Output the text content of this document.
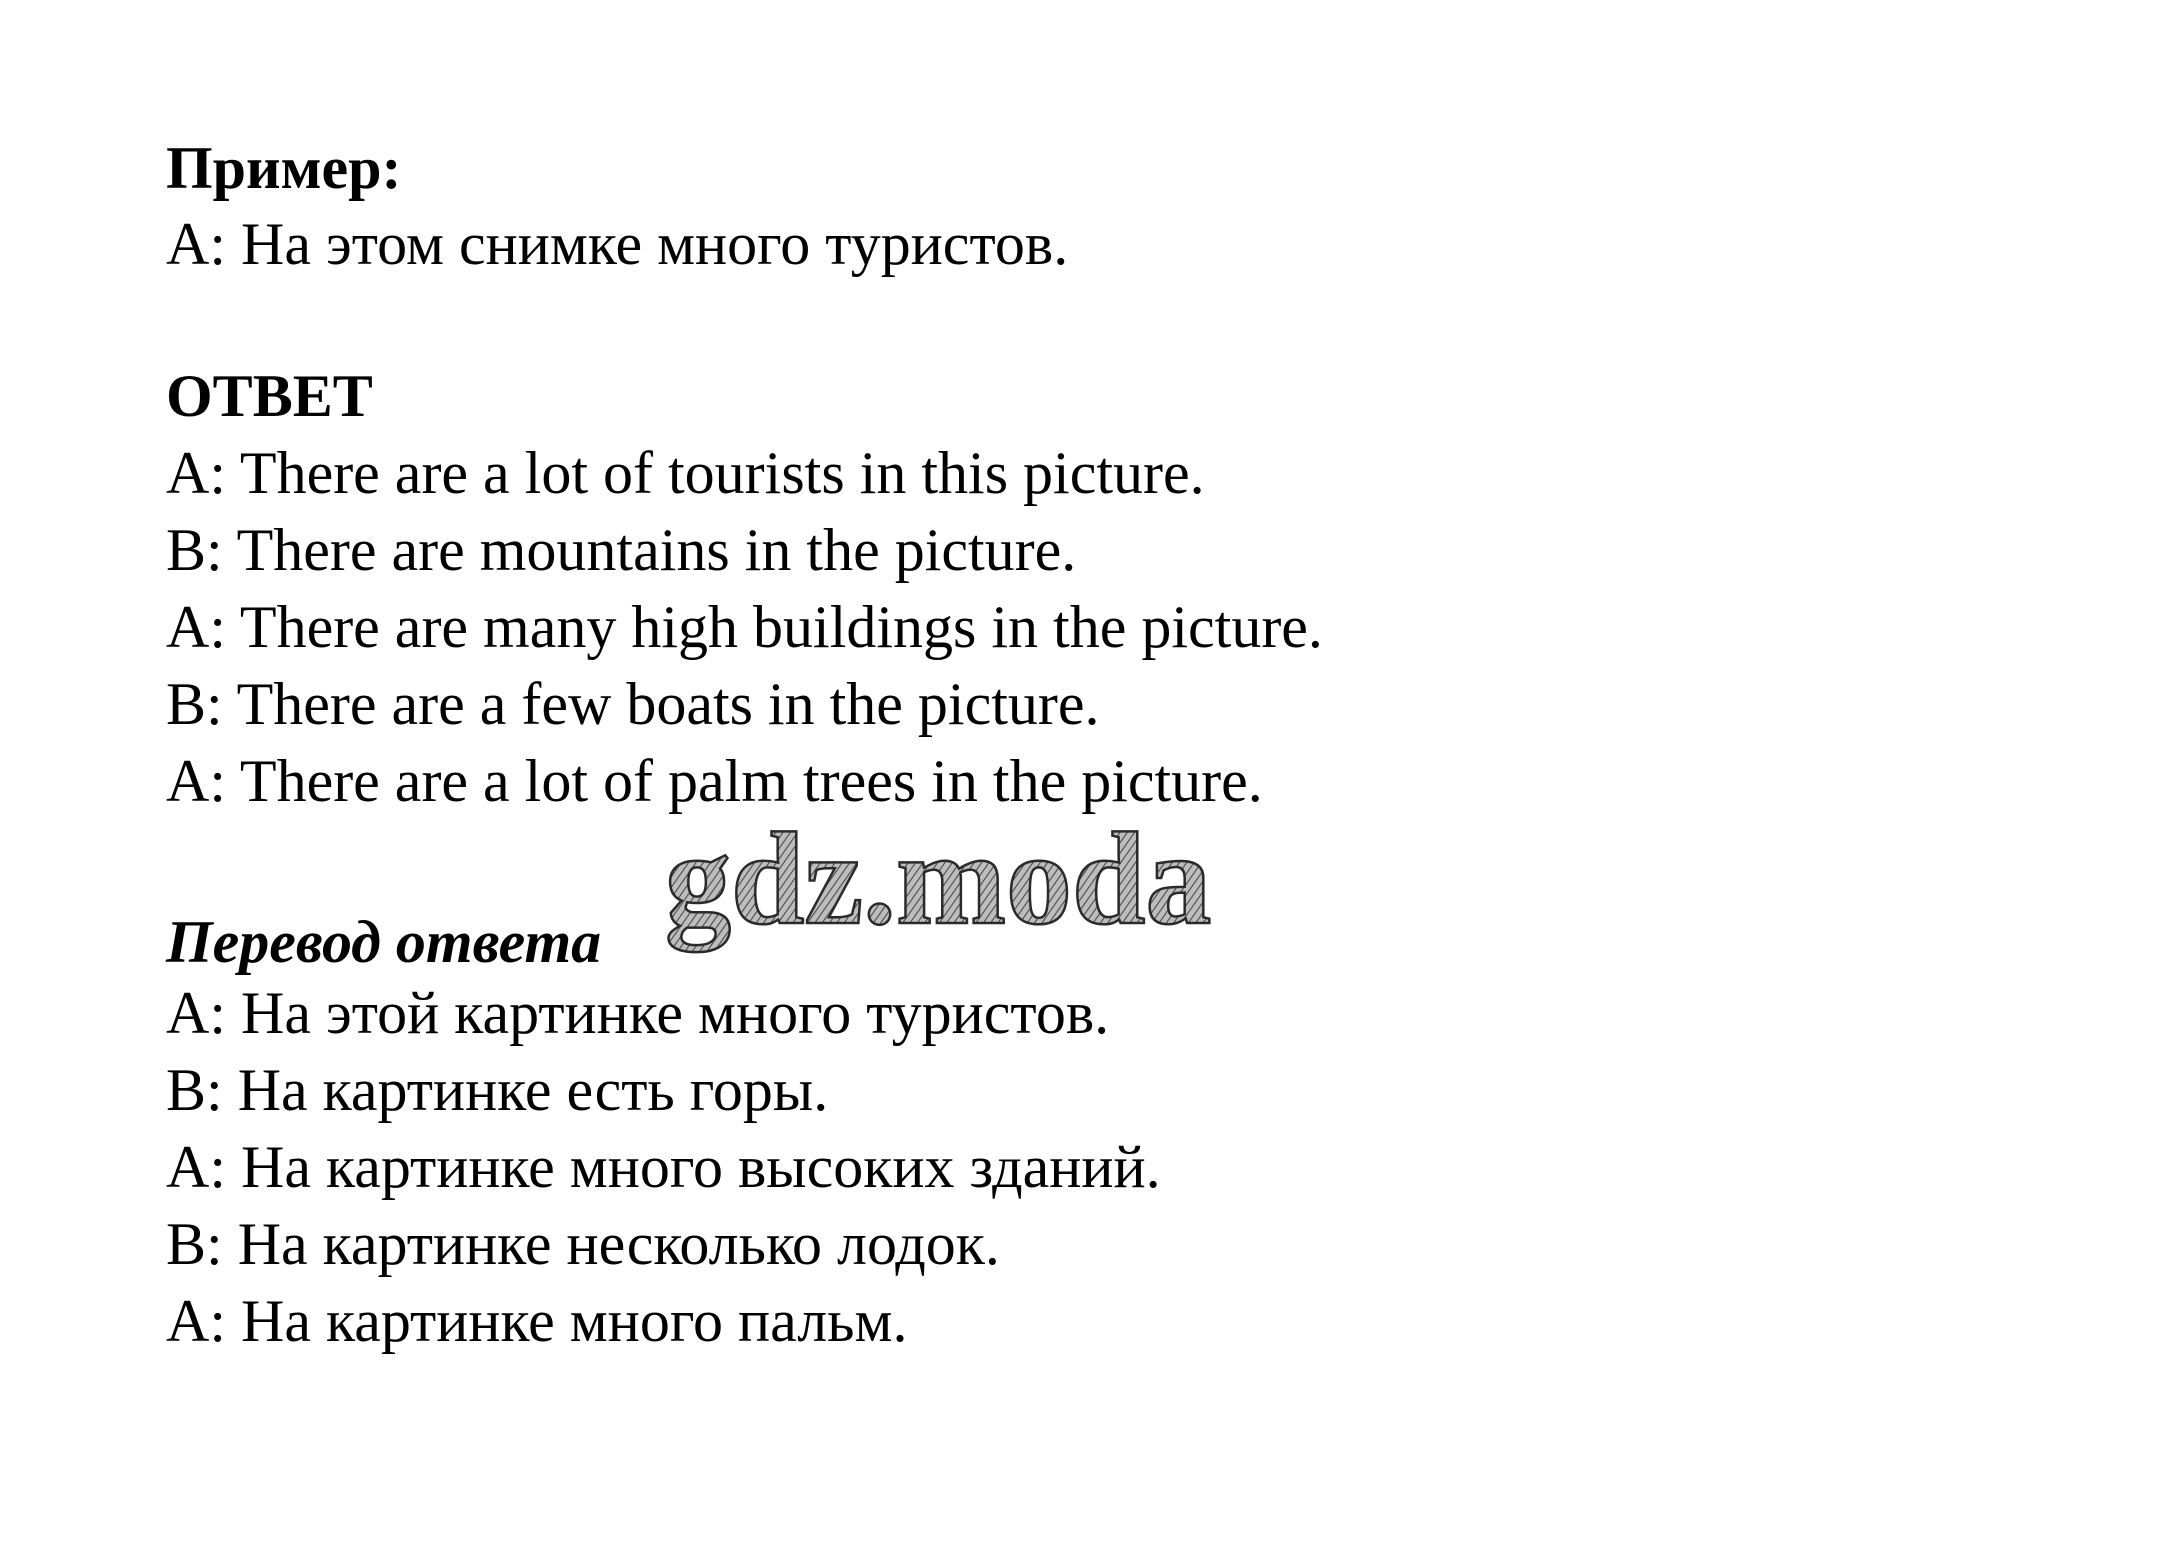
Пример:
А: На этом снимке много туристов.
ОТВЕТ
A: There are a lot of tourists in this picture.
B: There are mountains in the picture.
A: There are many high buildings in the picture.
B: There are a few boats in the picture.
A: There are a lot of palm trees in the picture.
Перевод ответа
А: На этой картинке много туристов.
В: На картинке есть горы.
А: На картинке много высоких зданий.
В: На картинке несколько лодок.
А: На картинке много пальм.
gdz.moda
